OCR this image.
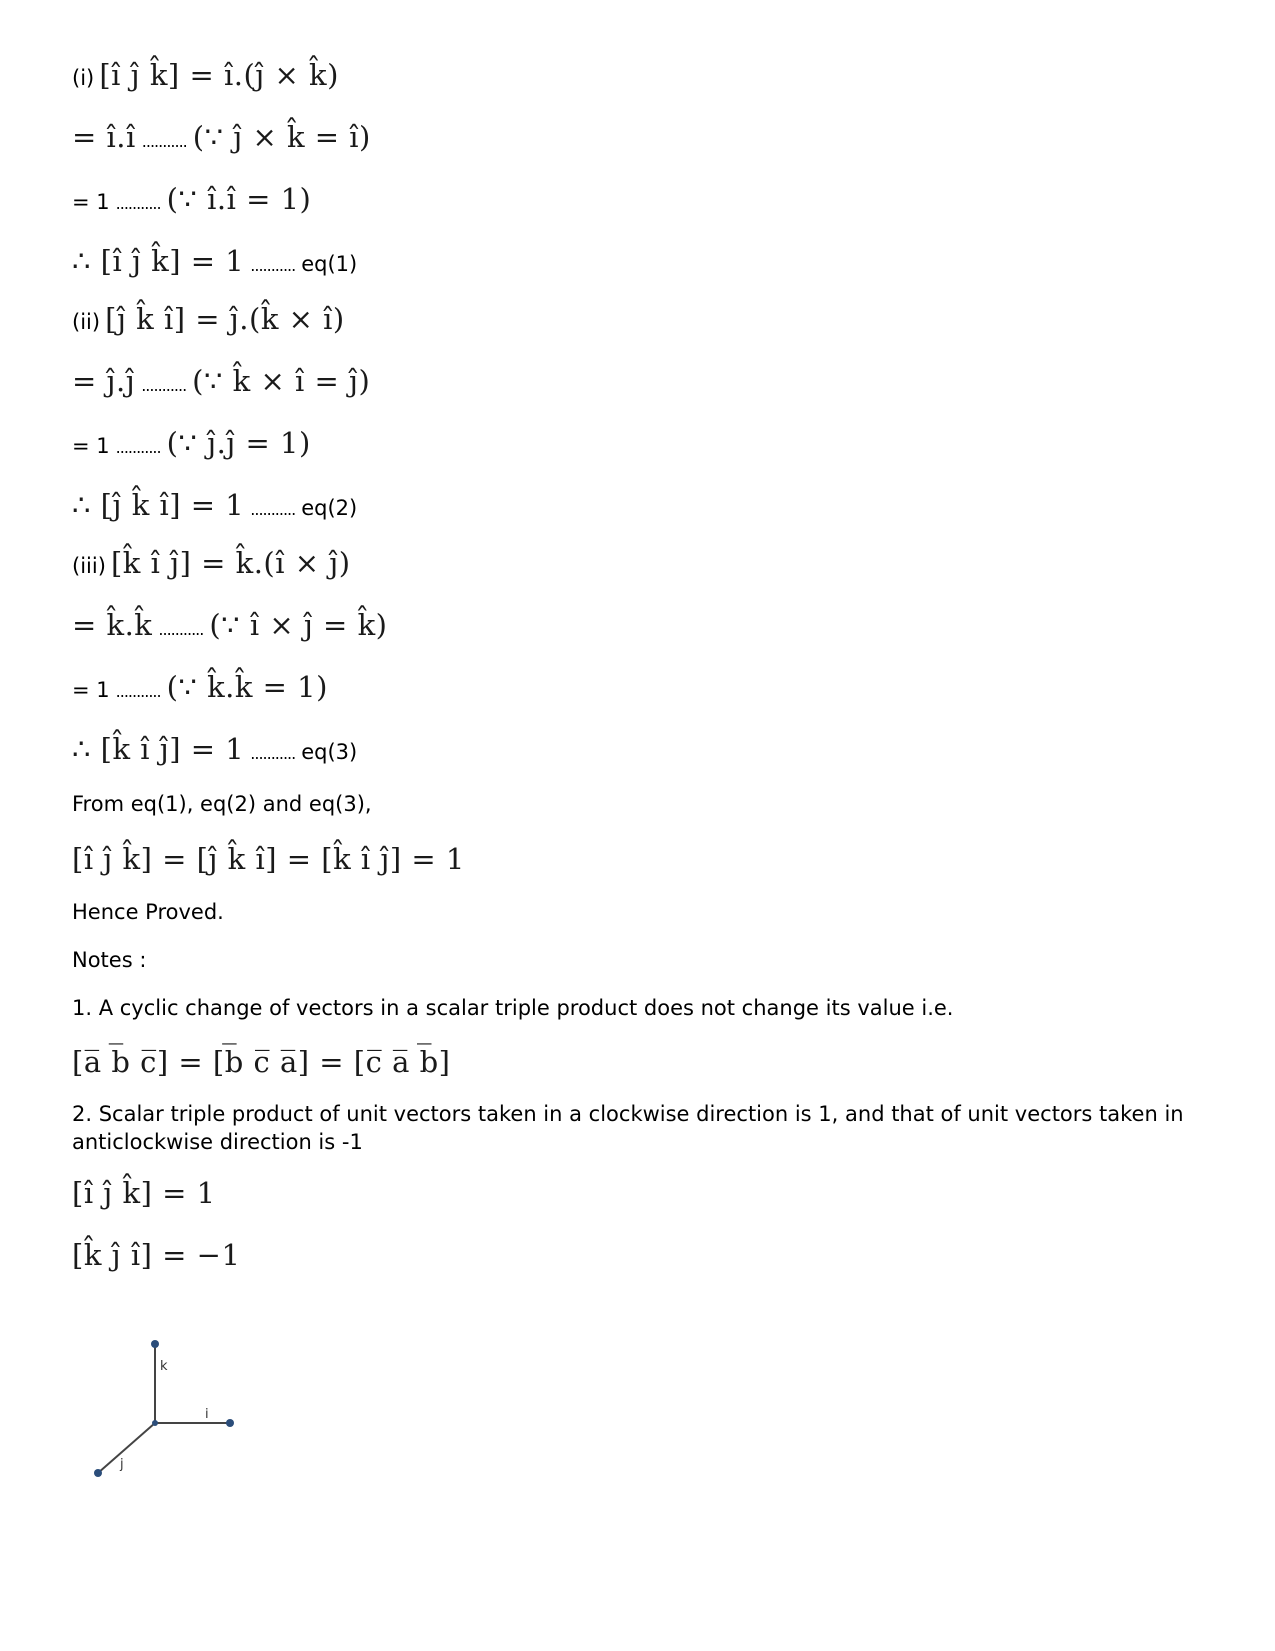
(i) [î ĵ k̂] = î.(ĵ × k̂)
= î.î ........... (∵ ĵ × k̂ = î)
= 1 ........... (∵ î.î = 1)
∴ [î ĵ k̂] = 1 ........... eq(1)
(ii) [ĵ k̂ î] = ĵ.(k̂ × î)
= ĵ.ĵ ........... (∵ k̂ × î = ĵ)
= 1 ........... (∵ ĵ.ĵ = 1)
∴ [ĵ k̂ î] = 1 ........... eq(2)
(iii) [k̂ î ĵ] = k̂.(î × ĵ)
= k̂.k̂ ........... (∵ î × ĵ = k̂)
= 1 ........... (∵ k̂.k̂ = 1)
∴ [k̂ î ĵ] = 1 ........... eq(3)
From eq(1), eq(2) and eq(3),
[î ĵ k̂] = [ĵ k̂ î] = [k̂ î ĵ] = 1
Hence Proved.
Notes :
1. A cyclic change of vectors in a scalar triple product does not change its value i.e.
[a̅ b̅ c̅] = [b̅ c̅ a̅] = [c̅ a̅ b̅]
2. Scalar triple product of unit vectors taken in a clockwise direction is 1, and that of unit vectors taken in anticlockwise direction is -1
[î ĵ k̂] = 1
[k̂ ĵ î] = −1
k
i
j
